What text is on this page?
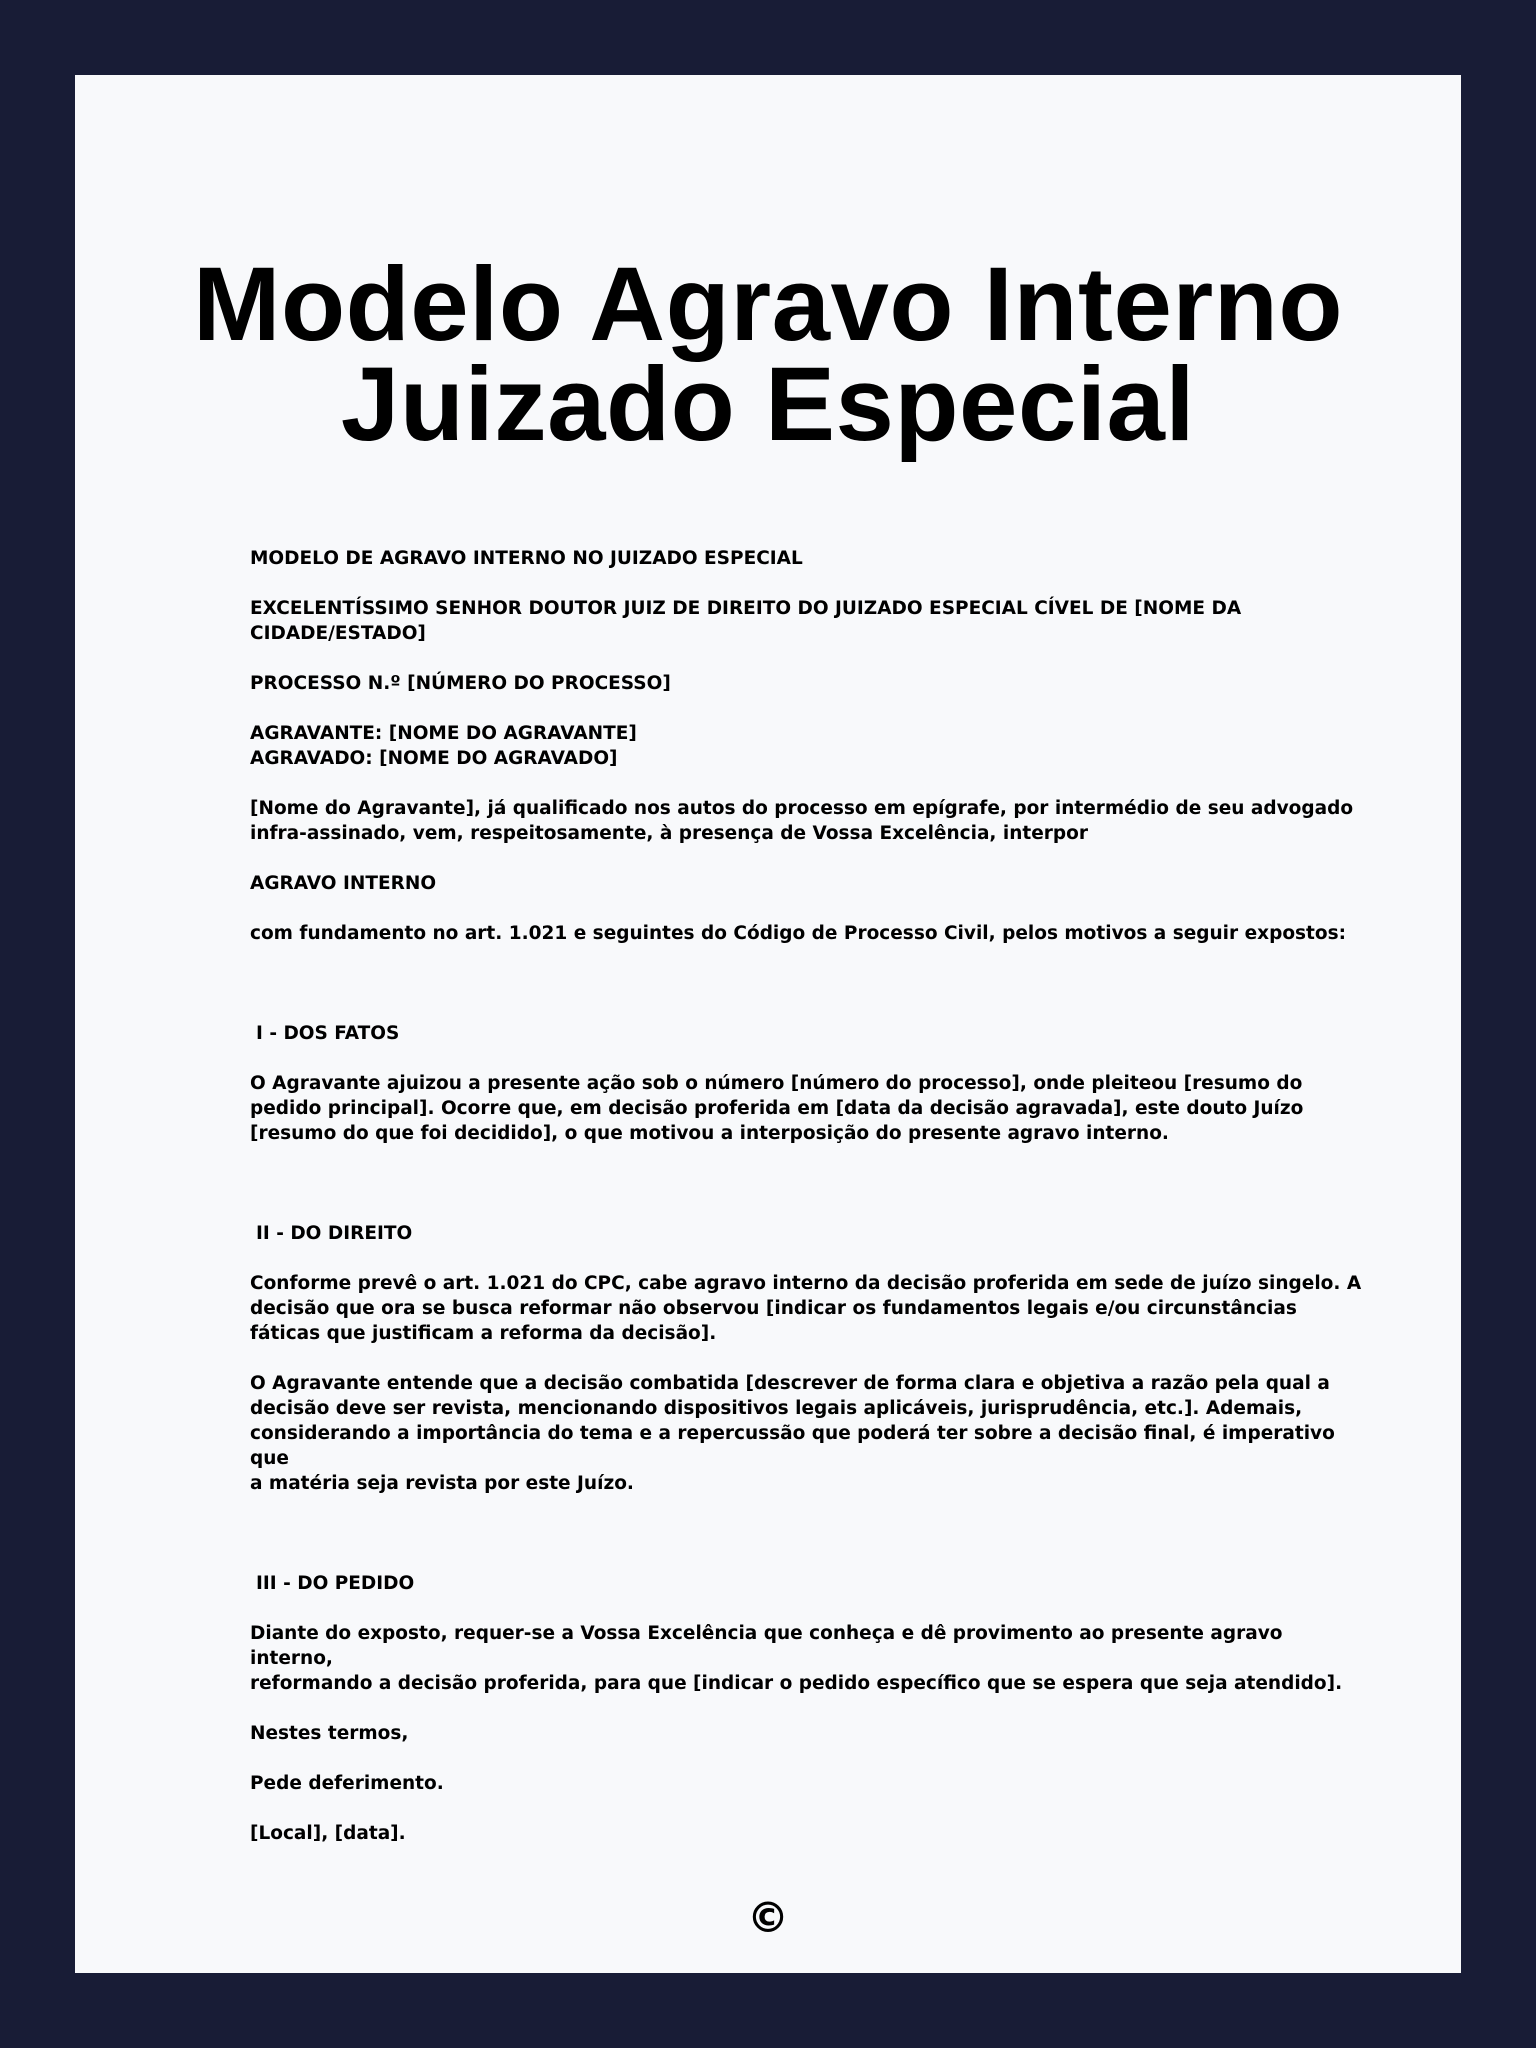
Modelo Agravo Interno
Juizado Especial

MODELO DE AGRAVO INTERNO NO JUIZADO ESPECIAL

EXCELENTÍSSIMO SENHOR DOUTOR JUIZ DE DIREITO DO JUIZADO ESPECIAL CÍVEL DE [NOME DA
CIDADE/ESTADO]

PROCESSO N.º [NÚMERO DO PROCESSO]

AGRAVANTE: [NOME DO AGRAVANTE]
AGRAVADO: [NOME DO AGRAVADO]

[Nome do Agravante], já qualificado nos autos do processo em epígrafe, por intermédio de seu advogado
infra-assinado, vem, respeitosamente, à presença de Vossa Excelência, interpor

AGRAVO INTERNO

com fundamento no art. 1.021 e seguintes do Código de Processo Civil, pelos motivos a seguir expostos:

I - DOS FATOS

O Agravante ajuizou a presente ação sob o número [número do processo], onde pleiteou [resumo do
pedido principal]. Ocorre que, em decisão proferida em [data da decisão agravada], este douto Juízo
[resumo do que foi decidido], o que motivou a interposição do presente agravo interno.

II - DO DIREITO

Conforme prevê o art. 1.021 do CPC, cabe agravo interno da decisão proferida em sede de juízo singelo. A
decisão que ora se busca reformar não observou [indicar os fundamentos legais e/ou circunstâncias
fáticas que justificam a reforma da decisão].

O Agravante entende que a decisão combatida [descrever de forma clara e objetiva a razão pela qual a
decisão deve ser revista, mencionando dispositivos legais aplicáveis, jurisprudência, etc.]. Ademais,
considerando a importância do tema e a repercussão que poderá ter sobre a decisão final, é imperativo que
a matéria seja revista por este Juízo.

III - DO PEDIDO

Diante do exposto, requer-se a Vossa Excelência que conheça e dê provimento ao presente agravo interno,
reformando a decisão proferida, para que [indicar o pedido específico que se espera que seja atendido].

Nestes termos,

Pede deferimento.

[Local], [data].

©
